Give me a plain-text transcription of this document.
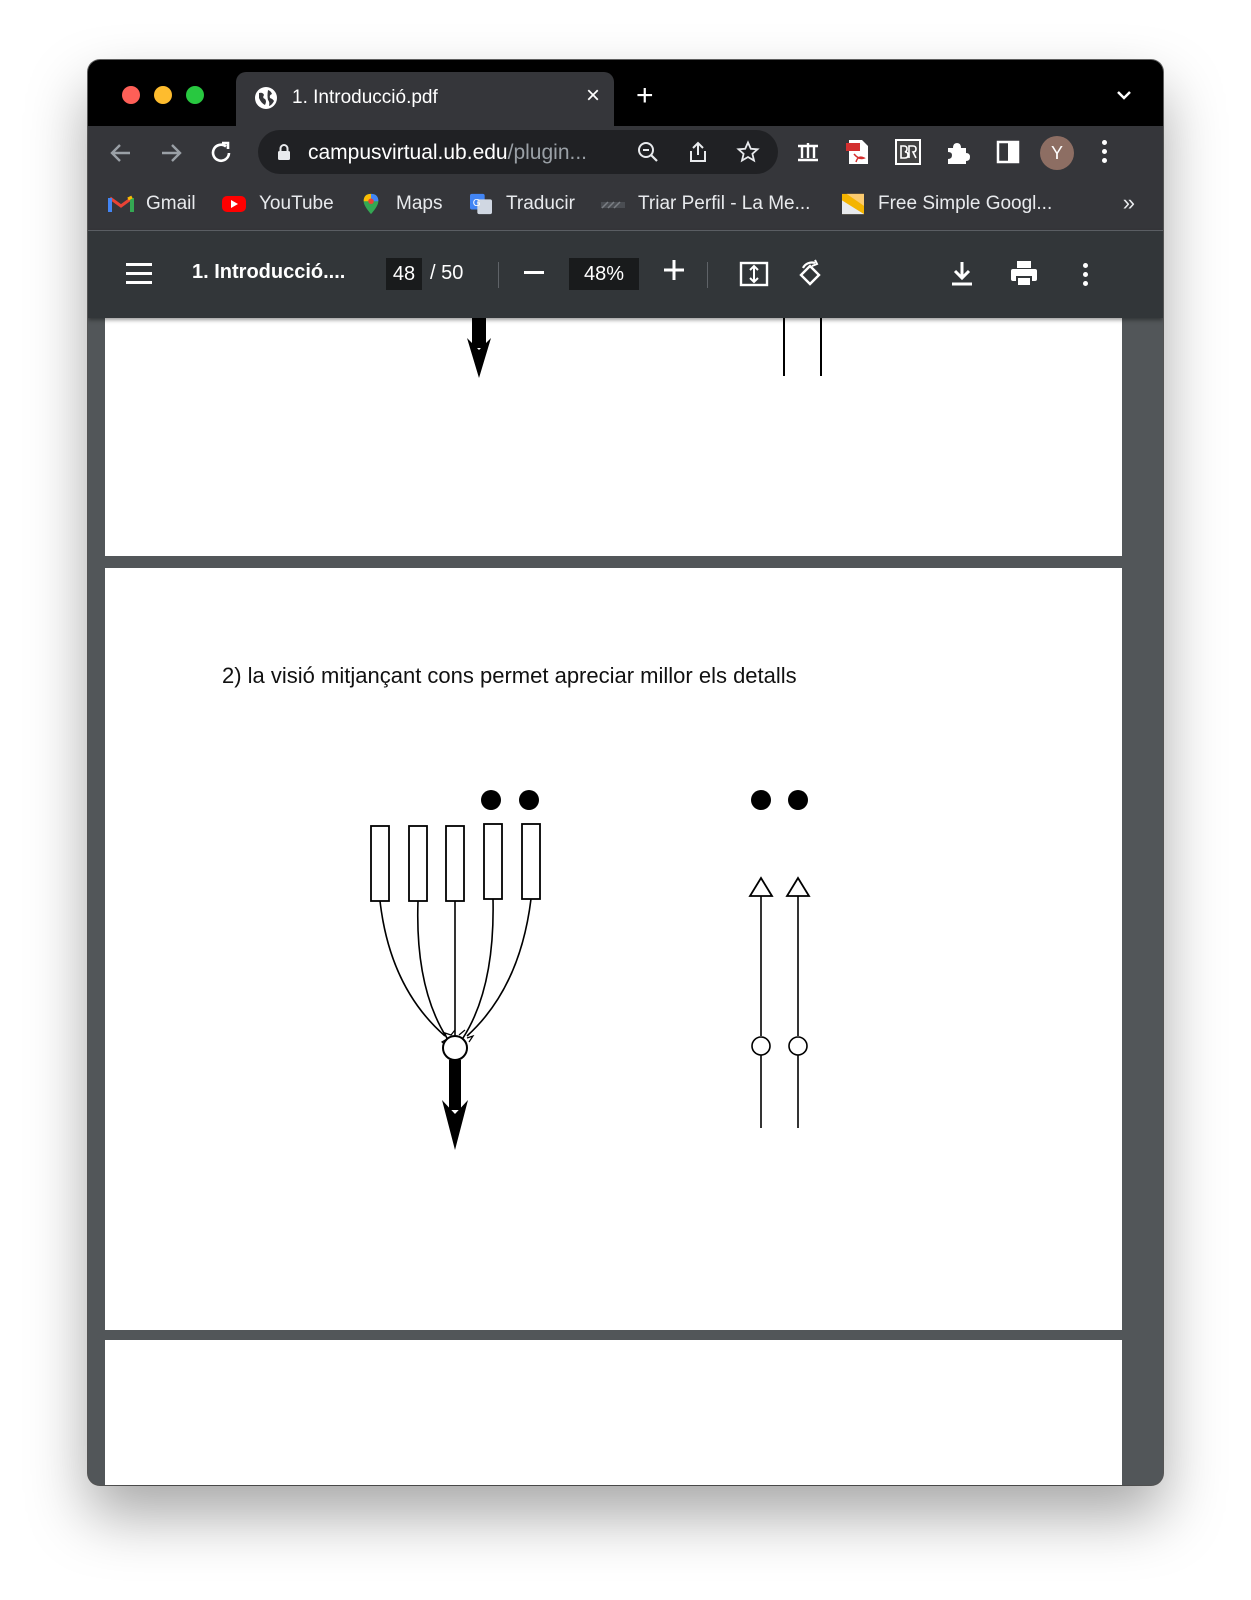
1. Introducció.pdf	× +
campusvirtual.ub.edu/plugin...	Y
Gmail	YouTube	Maps	G Traducir	Triar Perfil - La Me...	Free Simple Googl...	»
1. Introducció....	48 / 50	48%
2) la visió mitjançant cons permet apreciar millor els detalls
